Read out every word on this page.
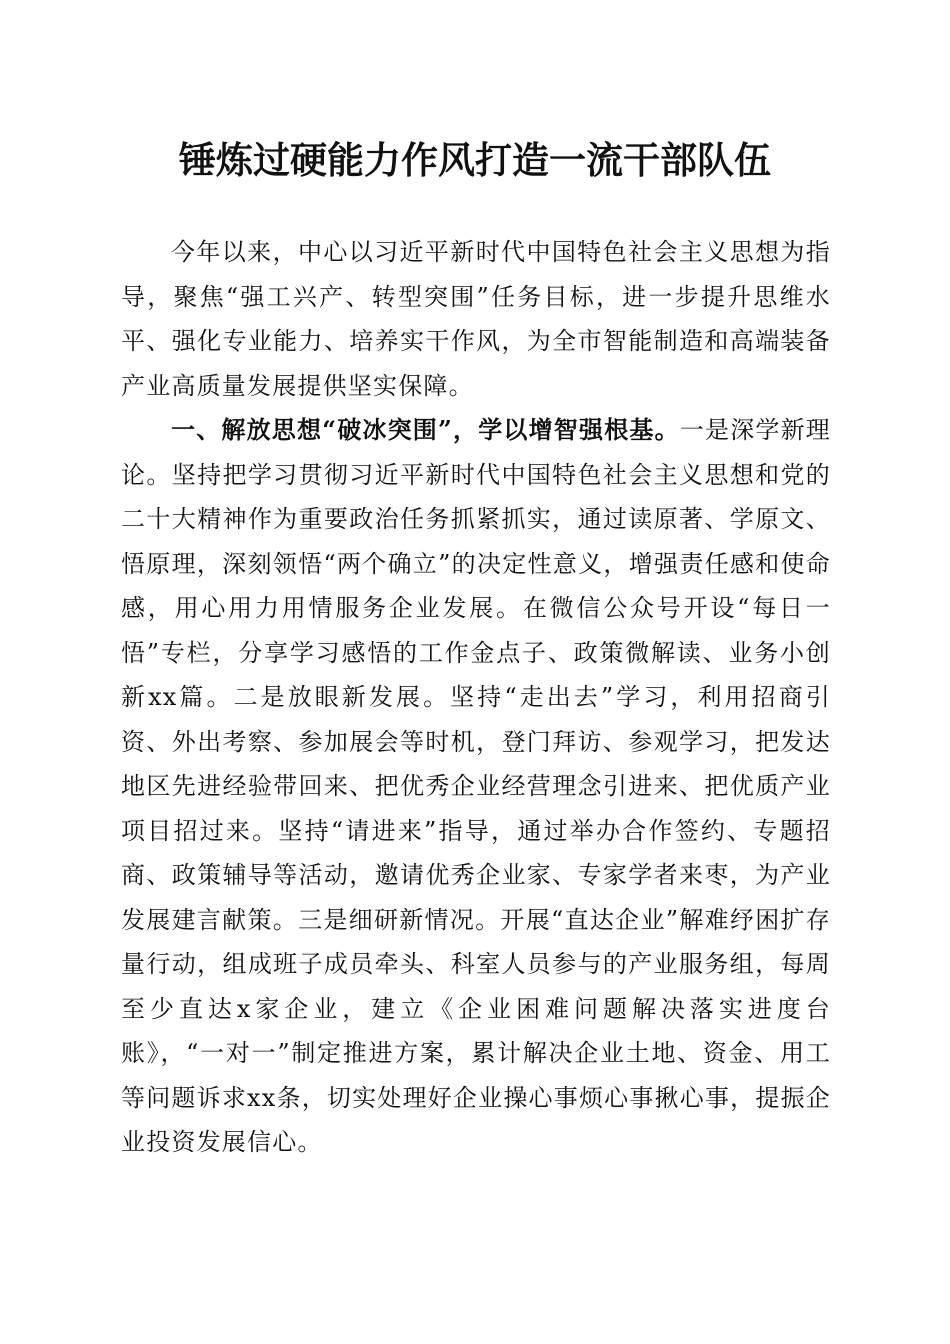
锤炼过硬能力作风打造一流干部队伍

今年以来，中心以习近平新时代中国特色社会主义思想为指导，聚焦“强工兴产、转型突围”任务目标，进一步提升思维水平、强化专业能力、培养实干作风，为全市智能制造和高端装备产业高质量发展提供坚实保障。

一、解放思想“破冰突围”，学以增智强根基。一是深学新理论。坚持把学习贯彻习近平新时代中国特色社会主义思想和党的二十大精神作为重要政治任务抓紧抓实，通过读原著、学原文、悟原理，深刻领悟“两个确立”的决定性意义，增强责任感和使命感，用心用力用情服务企业发展。在微信公众号开设“每日一悟”专栏，分享学习感悟的工作金点子、政策微解读、业务小创新xx篇。二是放眼新发展。坚持“走出去”学习，利用招商引资、外出考察、参加展会等时机，登门拜访、参观学习，把发达地区先进经验带回来、把优秀企业经营理念引进来、把优质产业项目招过来。坚持“请进来”指导，通过举办合作签约、专题招商、政策辅导等活动，邀请优秀企业家、专家学者来枣，为产业发展建言献策。三是细研新情况。开展“直达企业”解难纾困扩存量行动，组成班子成员牵头、科室人员参与的产业服务组，每周至少直达x家企业，建立《企业困难问题解决落实进度台账》，“一对一”制定推进方案，累计解决企业土地、资金、用工等问题诉求xx条，切实处理好企业操心事烦心事揪心事，提振企业投资发展信心。
